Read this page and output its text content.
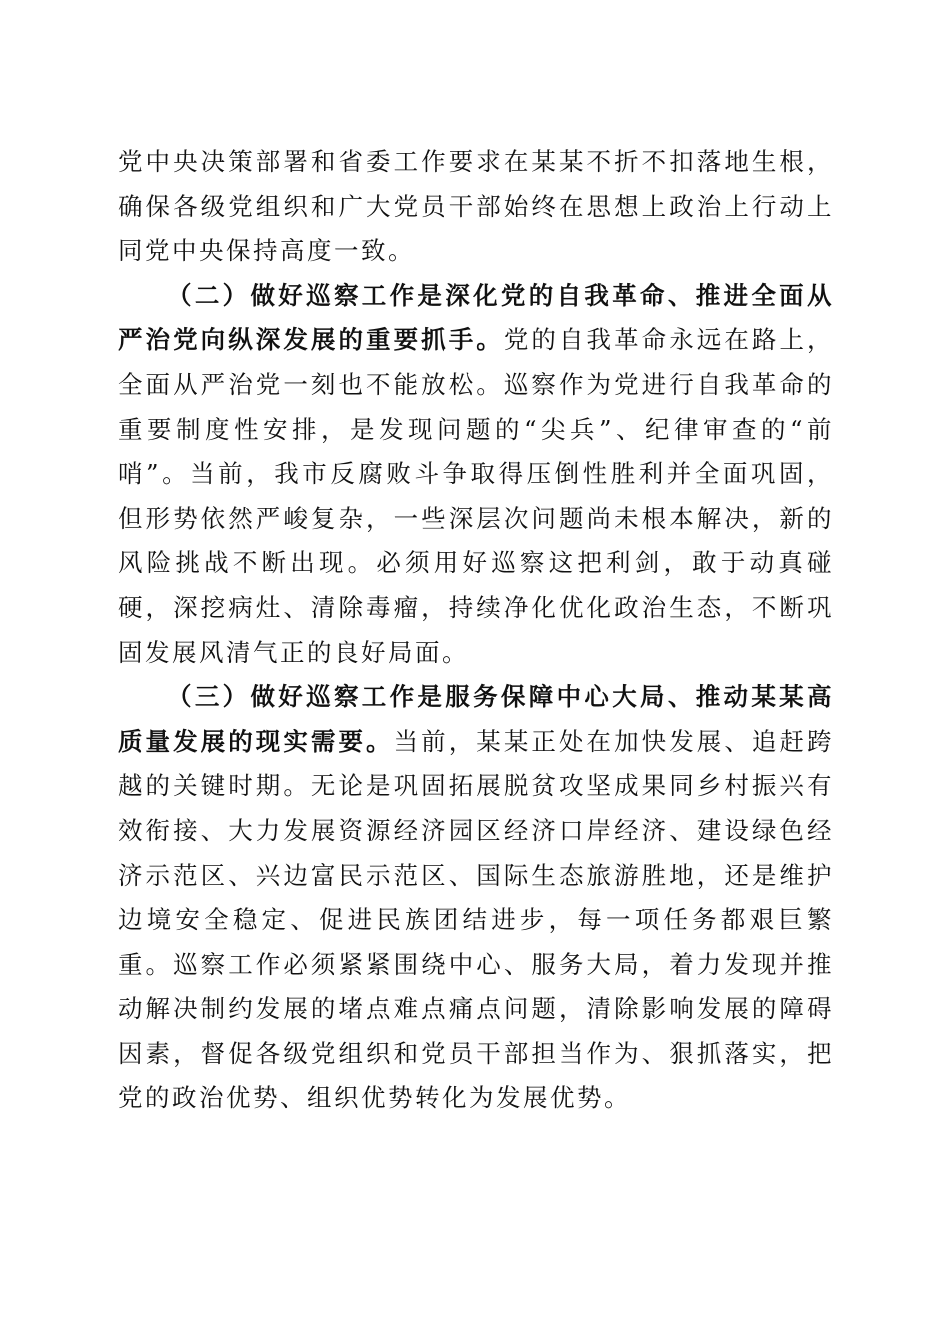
党中央决策部署和省委工作要求在某某不折不扣落地生根，确保各级党组织和广大党员干部始终在思想上政治上行动上同党中央保持高度一致。

（二）做好巡察工作是深化党的自我革命、推进全面从严治党向纵深发展的重要抓手。党的自我革命永远在路上，全面从严治党一刻也不能放松。巡察作为党进行自我革命的重要制度性安排，是发现问题的“尖兵”、纪律审查的“前哨”。当前，我市反腐败斗争取得压倒性胜利并全面巩固，但形势依然严峻复杂，一些深层次问题尚未根本解决，新的风险挑战不断出现。必须用好巡察这把利剑，敢于动真碰硬，深挖病灶、清除毒瘤，持续净化优化政治生态，不断巩固发展风清气正的良好局面。

（三）做好巡察工作是服务保障中心大局、推动某某高质量发展的现实需要。当前，某某正处在加快发展、追赶跨越的关键时期。无论是巩固拓展脱贫攻坚成果同乡村振兴有效衔接、大力发展资源经济园区经济口岸经济、建设绿色经济示范区、兴边富民示范区、国际生态旅游胜地，还是维护边境安全稳定、促进民族团结进步，每一项任务都艰巨繁重。巡察工作必须紧紧围绕中心、服务大局，着力发现并推动解决制约发展的堵点难点痛点问题，清除影响发展的障碍因素，督促各级党组织和党员干部担当作为、狠抓落实，把党的政治优势、组织优势转化为发展优势。
